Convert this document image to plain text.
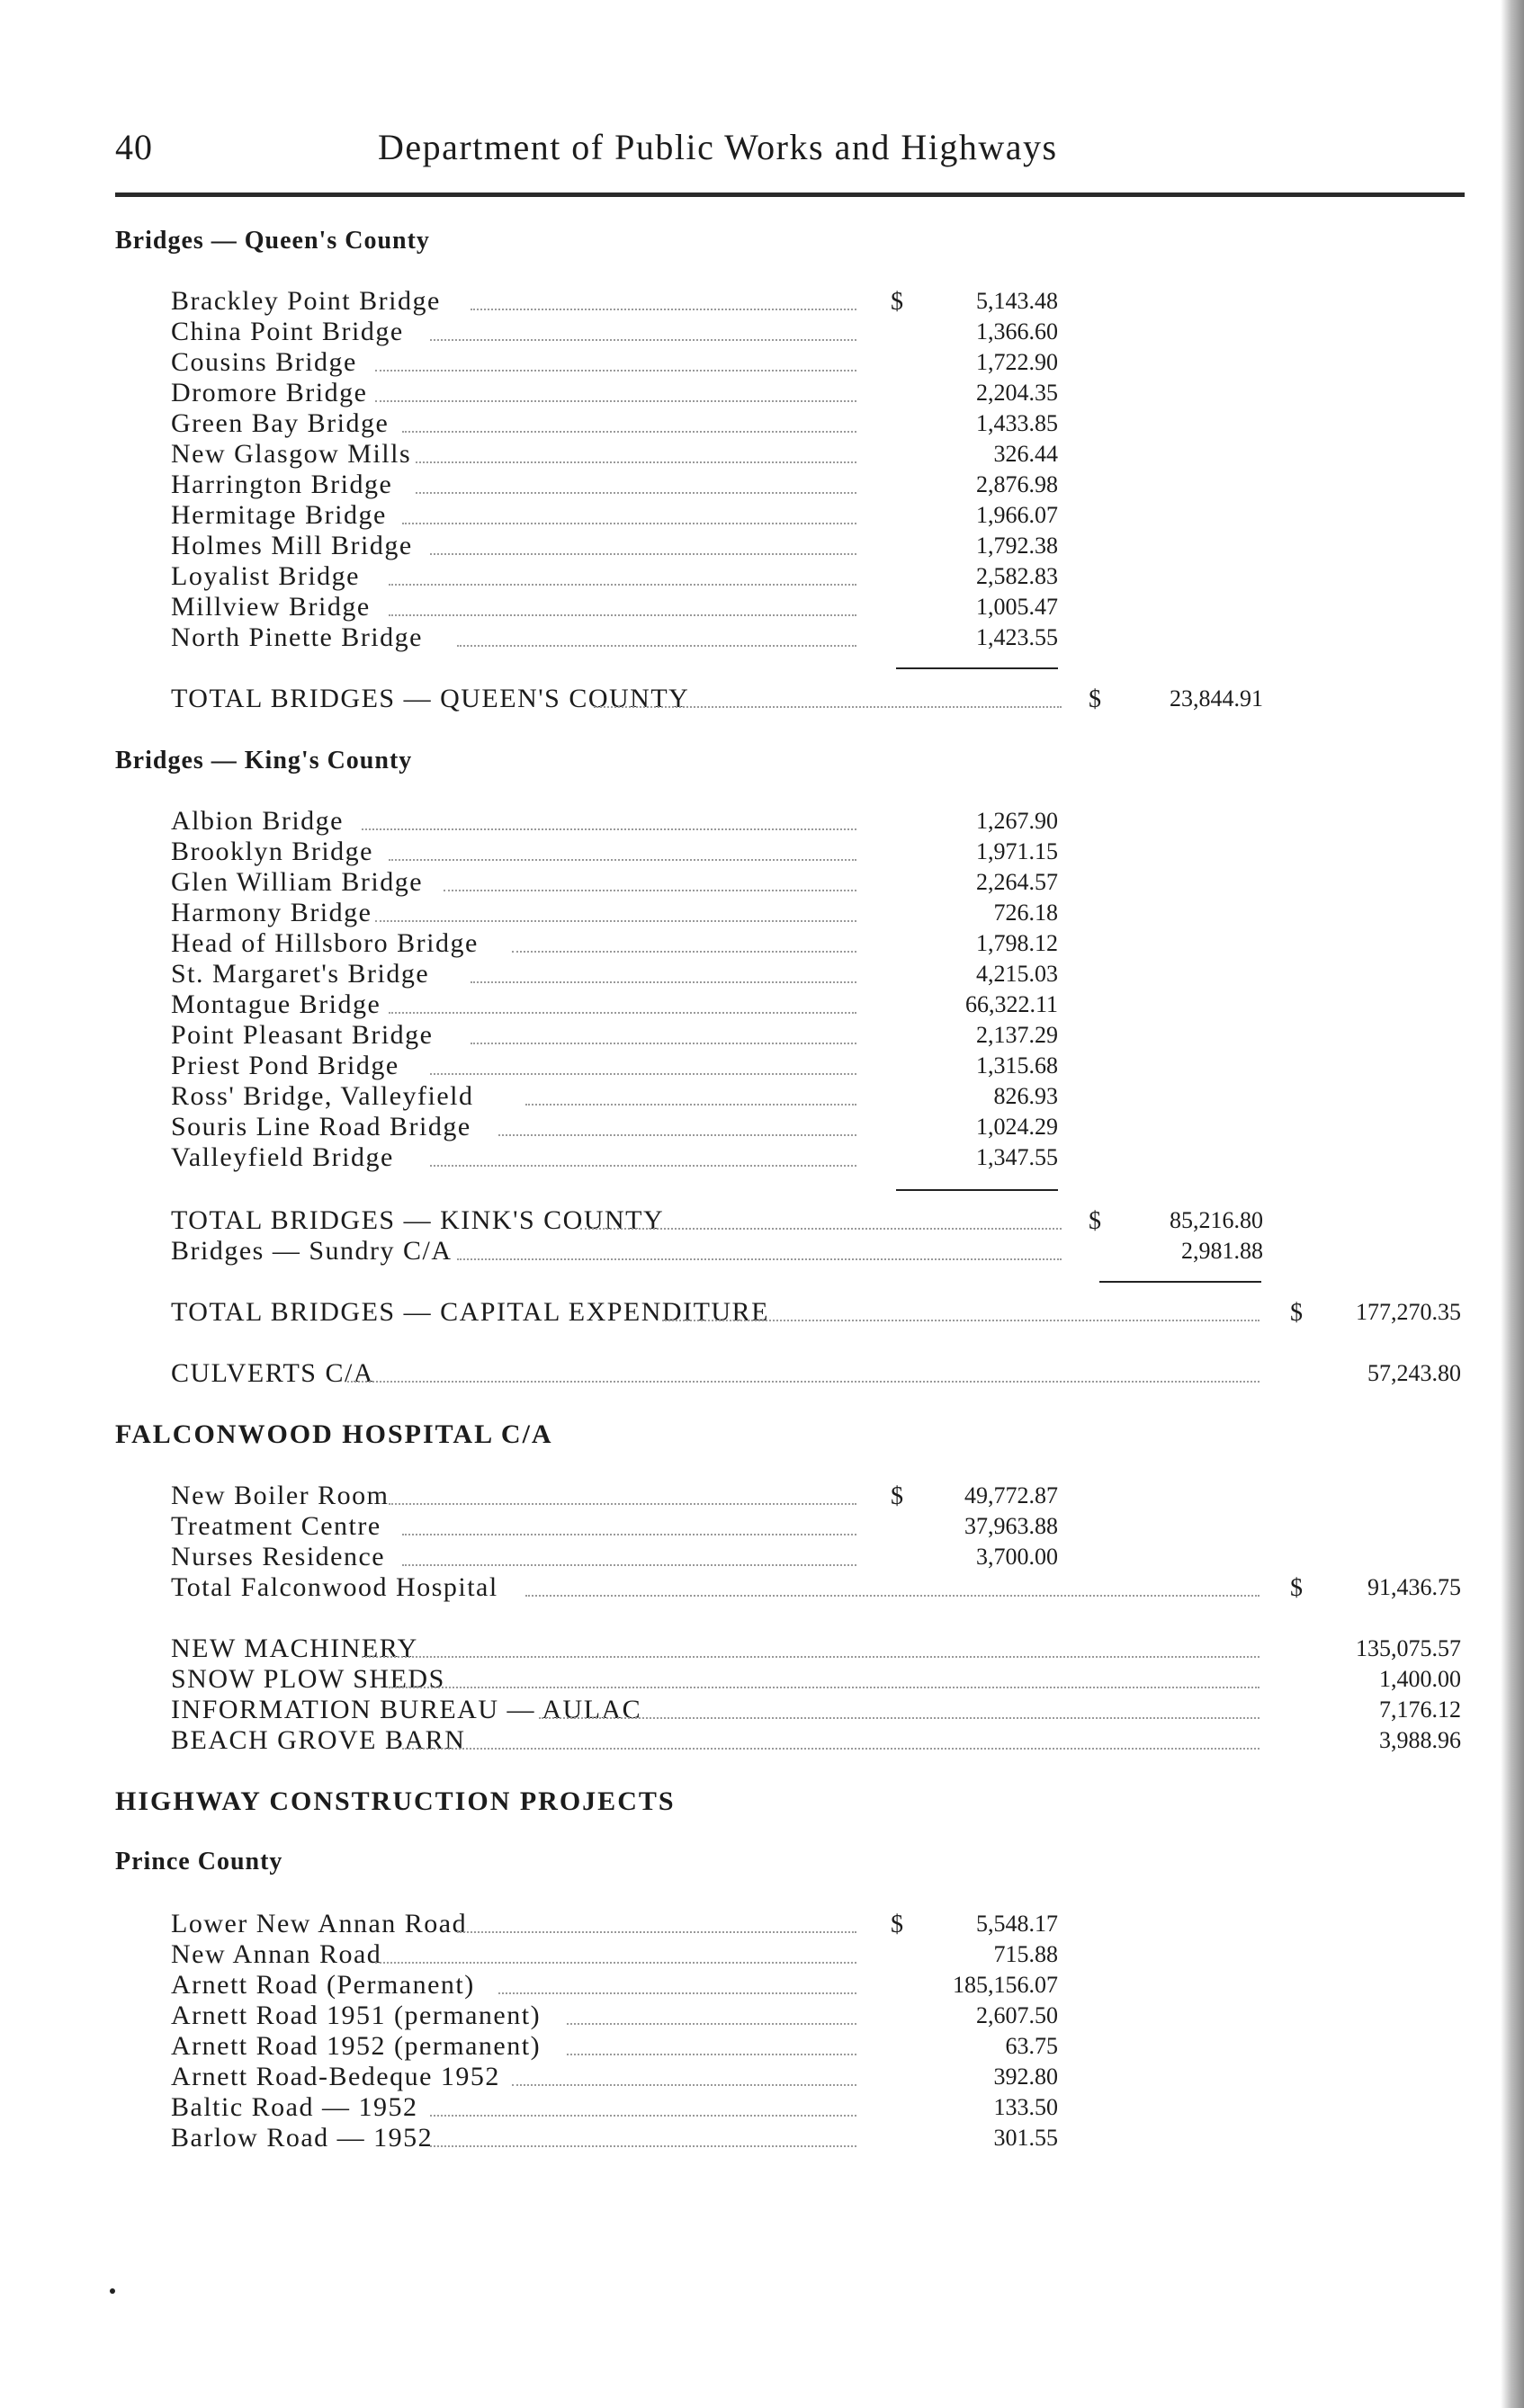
40	Department of Public Works and Highways
Bridges — Queen's County
Brackley Point Bridge	$	5,143.48
China Point Bridge	1,366.60
Cousins Bridge	1,722.90
Dromore Bridge	2,204.35
Green Bay Bridge	1,433.85
New Glasgow Mills	326.44
Harrington Bridge	2,876.98
Hermitage Bridge	1,966.07
Holmes Mill Bridge	1,792.38
Loyalist Bridge	2,582.83
Millview Bridge	1,005.47
North Pinette Bridge	1,423.55
TOTAL BRIDGES — QUEEN'S COUNTY	$	23,844.91
Bridges — King's County
Albion Bridge	1,267.90
Brooklyn Bridge	1,971.15
Glen William Bridge	2,264.57
Harmony Bridge	726.18
Head of Hillsboro Bridge	1,798.12
St. Margaret's Bridge	4,215.03
Montague Bridge	66,322.11
Point Pleasant Bridge	2,137.29
Priest Pond Bridge	1,315.68
Ross' Bridge, Valleyfield	826.93
Souris Line Road Bridge	1,024.29
Valleyfield Bridge	1,347.55
TOTAL BRIDGES — KINK'S COUNTY	$	85,216.80
Bridges — Sundry C/A	2,981.88
TOTAL BRIDGES — CAPITAL EXPENDITURE	$ 177,270.35
CULVERTS C/A	57,243.80
FALCONWOOD HOSPITAL C/A
New Boiler Room	$	49,772.87
Treatment Centre	37,963.88
Nurses Residence	3,700.00
Total Falconwood Hospital	$	91,436.75
NEW MACHINERY	135,075.57
SNOW PLOW SHEDS	1,400.00
INFORMATION BUREAU — AULAC	7,176.12
BEACH GROVE BARN	3,988.96
HIGHWAY CONSTRUCTION PROJECTS
Prince County
Lower New Annan Road	$	5,548.17
New Annan Road	715.88
Arnett Road (Permanent)	185,156.07
Arnett Road 1951 (permanent)	2,607.50
Arnett Road 1952 (permanent)	63.75
Arnett Road-Bedeque 1952	392.80
Baltic Road — 1952	133.50
Barlow Road — 1952	301.55
